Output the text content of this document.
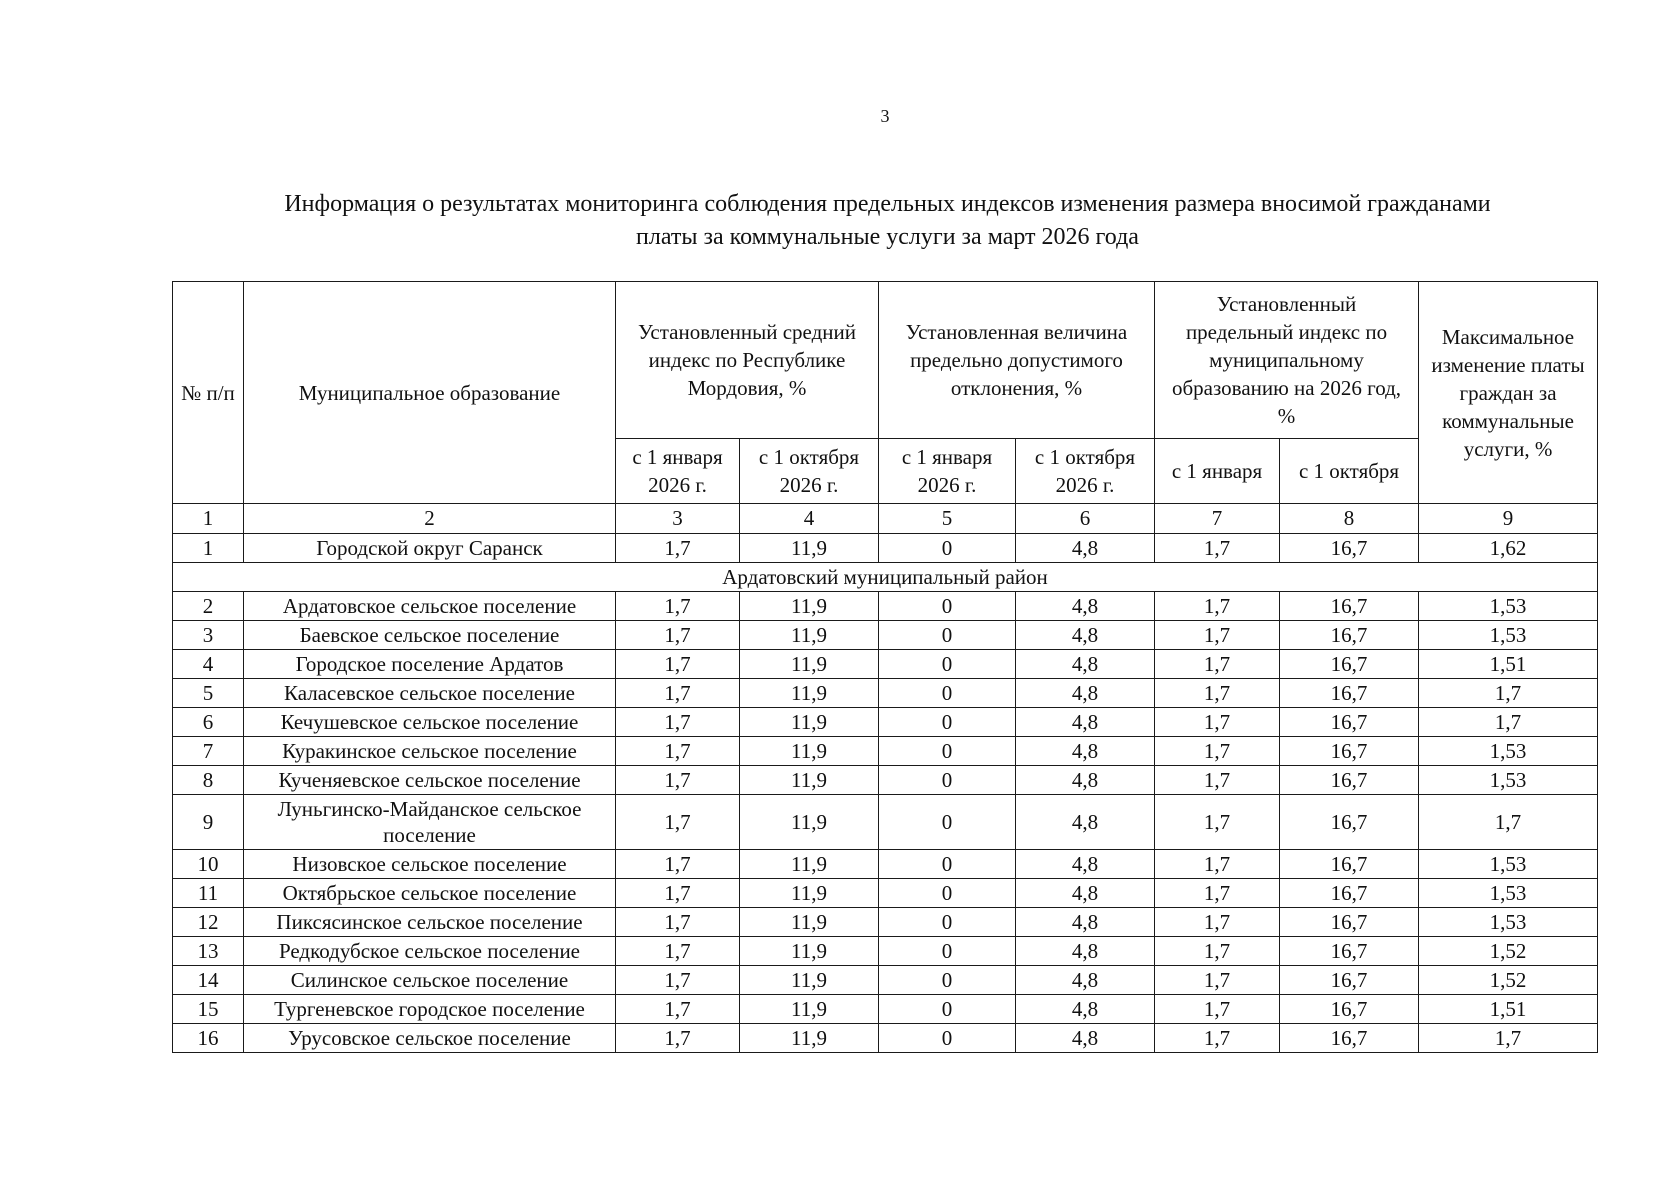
3
Информация о результатах мониторинга соблюдения предельных индексов изменения размера вносимой гражданами
платы за коммунальные услуги за март 2026 года
№ п/п	Муниципальное образование	Установленный средний индекс по Республике Мордовия, %		Установленная величина предельно допустимого отклонения, %		Установленный предельный индекс по муниципальному образованию на 2026 год, %		Максимальное изменение платы граждан за коммунальные услуги, %
		с 1 января 2026 г.	с 1 октября 2026 г.	с 1 января 2026 г.	с 1 октября 2026 г.	с 1 января	с 1 октября	
1	2	3	4	5	6	7	8	9
1	Городской округ Саранск	1,7	11,9	0	4,8	1,7	16,7	1,62
Ардатовский муниципальный район								
2	Ардатовское сельское поселение	1,7	11,9	0	4,8	1,7	16,7	1,53
3	Баевское сельское поселение	1,7	11,9	0	4,8	1,7	16,7	1,53
4	Городское поселение Ардатов	1,7	11,9	0	4,8	1,7	16,7	1,51
5	Каласевское сельское поселение	1,7	11,9	0	4,8	1,7	16,7	1,7
6	Кечушевское сельское поселение	1,7	11,9	0	4,8	1,7	16,7	1,7
7	Куракинское сельское поселение	1,7	11,9	0	4,8	1,7	16,7	1,53
8	Кученяевское сельское поселение	1,7	11,9	0	4,8	1,7	16,7	1,53
9	Луньгинско-Майданское сельское поселение	1,7	11,9	0	4,8	1,7	16,7	1,7
10	Низовское сельское поселение	1,7	11,9	0	4,8	1,7	16,7	1,53
11	Октябрьское сельское поселение	1,7	11,9	0	4,8	1,7	16,7	1,53
12	Пиксясинское сельское поселение	1,7	11,9	0	4,8	1,7	16,7	1,53
13	Редкодубское сельское поселение	1,7	11,9	0	4,8	1,7	16,7	1,52
14	Силинское сельское поселение	1,7	11,9	0	4,8	1,7	16,7	1,52
15	Тургеневское городское поселение	1,7	11,9	0	4,8	1,7	16,7	1,51
16	Урусовское сельское поселение	1,7	11,9	0	4,8	1,7	16,7	1,7
